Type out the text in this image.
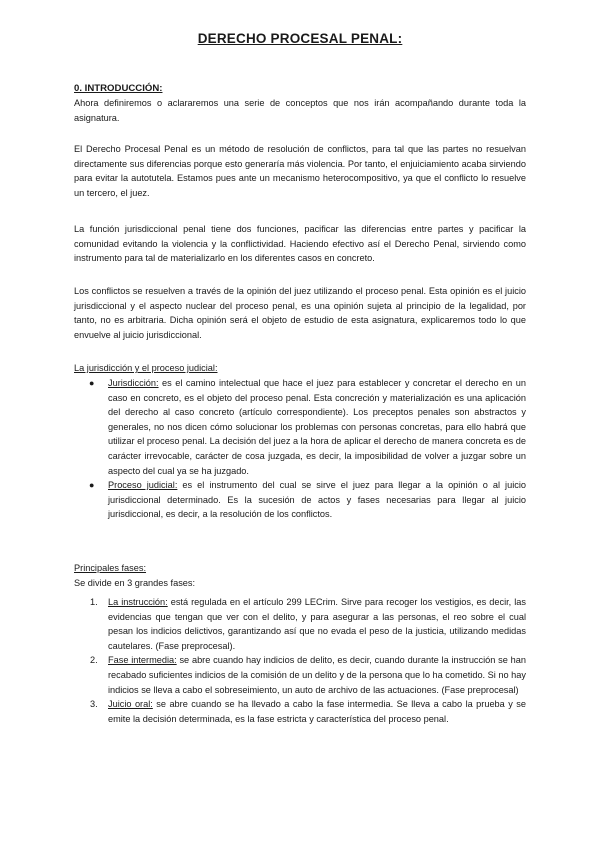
DERECHO PROCESAL PENAL:

0. INTRODUCCIÓN:

Ahora definiremos o aclararemos una serie de conceptos que nos irán acompañando durante toda la asignatura.

El Derecho Procesal Penal es un método de resolución de conflictos, para tal que las partes no resuelvan directamente sus diferencias porque esto generaría más violencia. Por tanto, el enjuiciamiento acaba sirviendo para evitar la autotutela. Estamos pues ante un mecanismo heterocompositivo, ya que el conflicto lo resuelve un tercero, el juez.

La función jurisdiccional penal tiene dos funciones, pacificar las diferencias entre partes y pacificar la comunidad evitando la violencia y la conflictividad. Haciendo efectivo así el Derecho Penal, sirviendo como instrumento para tal de materializarlo en los diferentes casos en concreto.

Los conflictos se resuelven a través de la opinión del juez utilizando el proceso penal. Esta opinión es el juicio jurisdiccional y el aspecto nuclear del proceso penal, es una opinión sujeta al principio de la legalidad, por tanto, no es arbitraria. Dicha opinión será el objeto de estudio de esta asignatura, explicaremos todo lo que envuelve al juicio jurisdiccional.

La jurisdicción y el proceso judicial:

● Jurisdicción: es el camino intelectual que hace el juez para establecer y concretar el derecho en un caso en concreto, es el objeto del proceso penal. Esta concreción y materialización es una aplicación del derecho al caso concreto (artículo correspondiente). Los preceptos penales son abstractos y generales, no nos dicen cómo solucionar los problemas con personas concretas, para ello habrá que utilizar el proceso penal. La decisión del juez a la hora de aplicar el derecho de manera concreta es de carácter irrevocable, carácter de cosa juzgada, es decir, la imposibilidad de volver a juzgar sobre un aspecto del cual ya se ha juzgado.
● Proceso judicial: es el instrumento del cual se sirve el juez para llegar a la opinión o al juicio jurisdiccional determinado. Es la sucesión de actos y fases necesarias para llegar al juicio jurisdiccional, es decir, a la resolución de los conflictos.

Principales fases:

Se divide en 3 grandes fases:

1. La instrucción: está regulada en el artículo 299 LECrim. Sirve para recoger los vestigios, es decir, las evidencias que tengan que ver con el delito, y para asegurar a las personas, el reo sobre el cual pesan los indicios delictivos, garantizando así que no evada el peso de la justicia, utilizando medidas cautelares. (Fase preprocesal).
2. Fase intermedia: se abre cuando hay indicios de delito, es decir, cuando durante la instrucción se han recabado suficientes indicios de la comisión de un delito y de la persona que lo ha cometido. Si no hay indicios se lleva a cabo el sobreseimiento, un auto de archivo de las actuaciones. (Fase preprocesal)
3. Juicio oral: se abre cuando se ha llevado a cabo la fase intermedia. Se lleva a cabo la prueba y se emite la decisión determinada, es la fase estricta y característica del proceso penal.
